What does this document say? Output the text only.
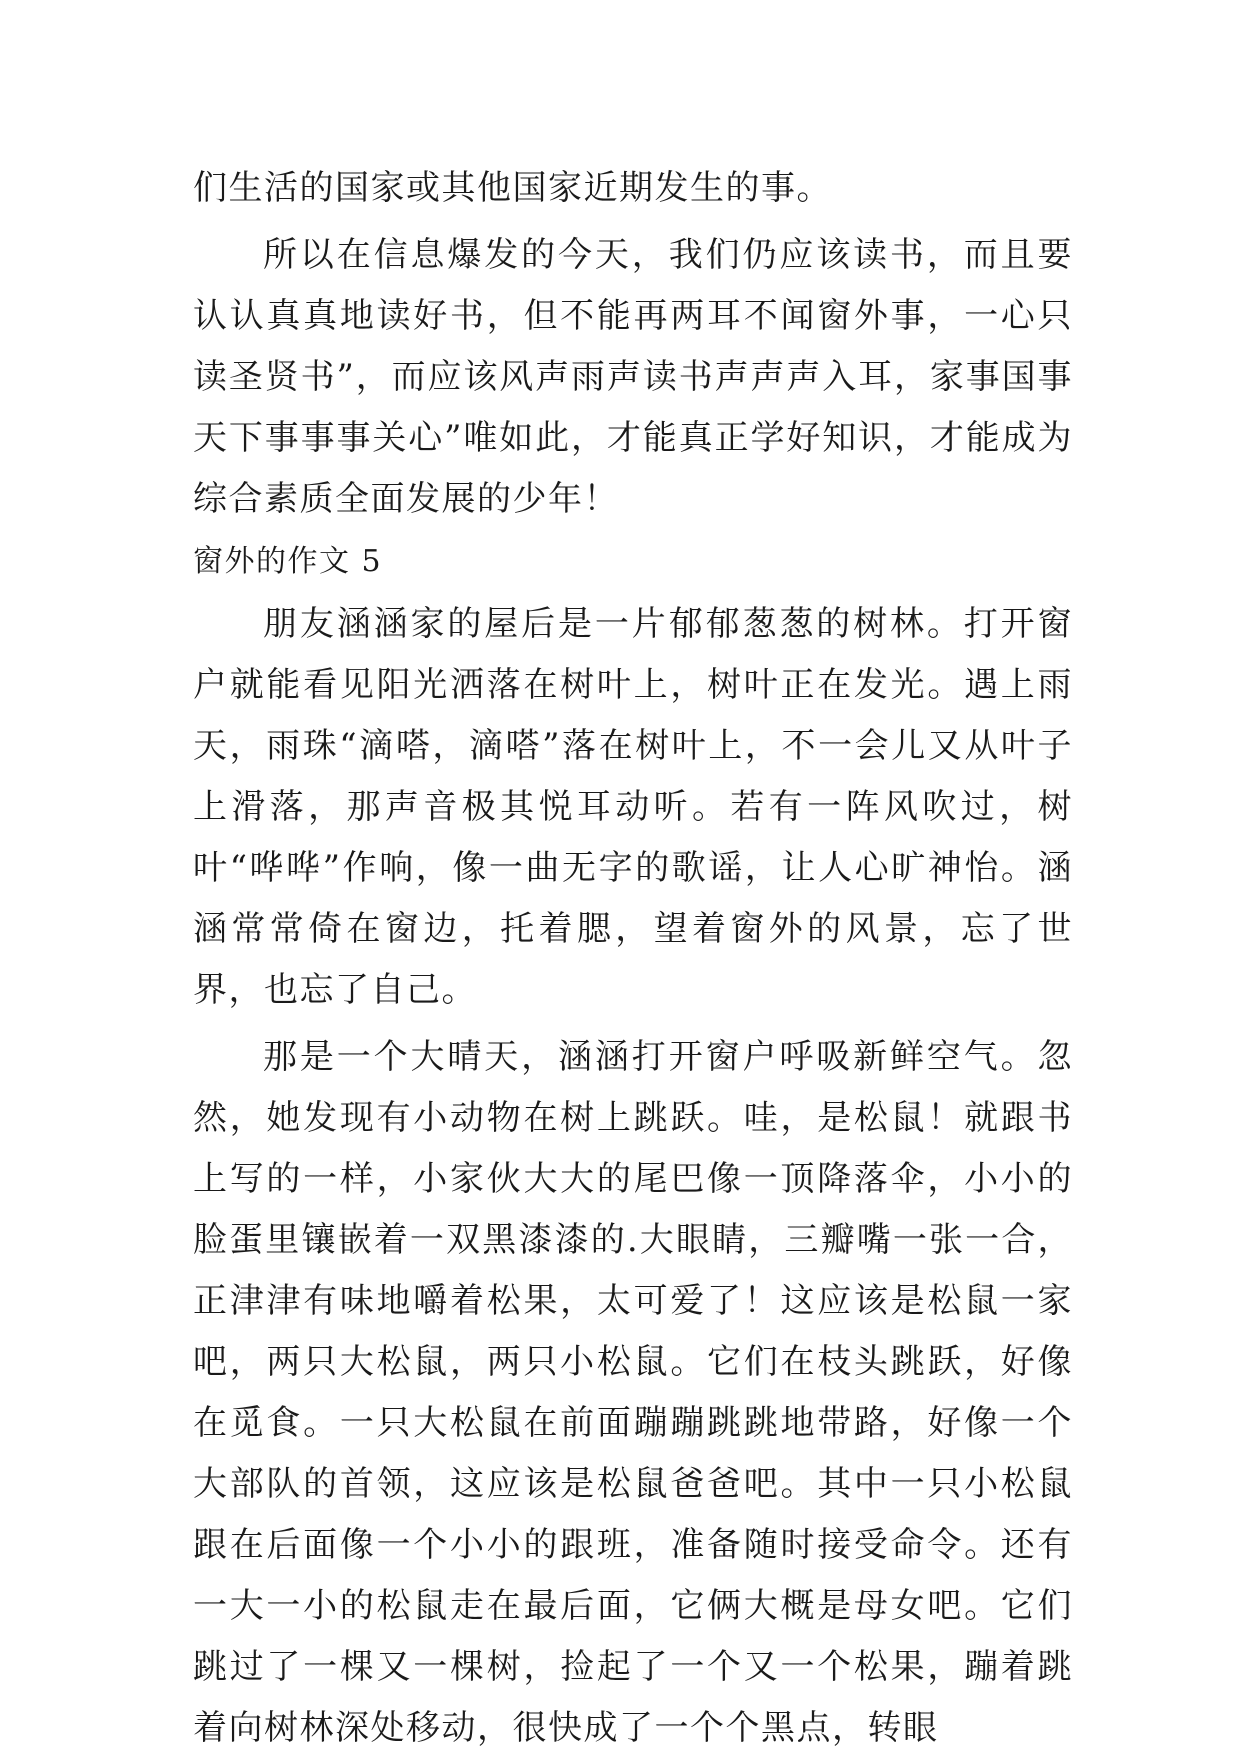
们生活的国家或其他国家近期发生的事。

所以在信息爆发的今天，我们仍应该读书，而且要认认真真地读好书，但不能再两耳不闻窗外事，一心只读圣贤书”，而应该风声雨声读书声声声入耳，家事国事天下事事事关心”唯如此，才能真正学好知识，才能成为综合素质全面发展的少年！

窗外的作文 5

朋友涵涵家的屋后是一片郁郁葱葱的树林。打开窗户就能看见阳光洒落在树叶上，树叶正在发光。遇上雨天，雨珠“滴嗒，滴嗒”落在树叶上，不一会儿又从叶子上滑落，那声音极其悦耳动听。若有一阵风吹过，树叶“哗哗”作响，像一曲无字的歌谣，让人心旷神怡。涵涵常常倚在窗边，托着腮，望着窗外的风景，忘了世界，也忘了自己。

那是一个大晴天，涵涵打开窗户呼吸新鲜空气。忽然，她发现有小动物在树上跳跃。哇，是松鼠！就跟书上写的一样，小家伙大大的尾巴像一顶降落伞，小小的脸蛋里镶嵌着一双黑漆漆的.大眼睛，三瓣嘴一张一合，正津津有味地嚼着松果，太可爱了！这应该是松鼠一家吧，两只大松鼠，两只小松鼠。它们在枝头跳跃，好像在觅食。一只大松鼠在前面蹦蹦跳跳地带路，好像一个大部队的首领，这应该是松鼠爸爸吧。其中一只小松鼠跟在后面像一个小小的跟班，准备随时接受命令。还有一大一小的松鼠走在最后面，它俩大概是母女吧。它们跳过了一棵又一棵树，捡起了一个又一个松果，蹦着跳着向树林深处移动，很快成了一个个黑点，转眼
